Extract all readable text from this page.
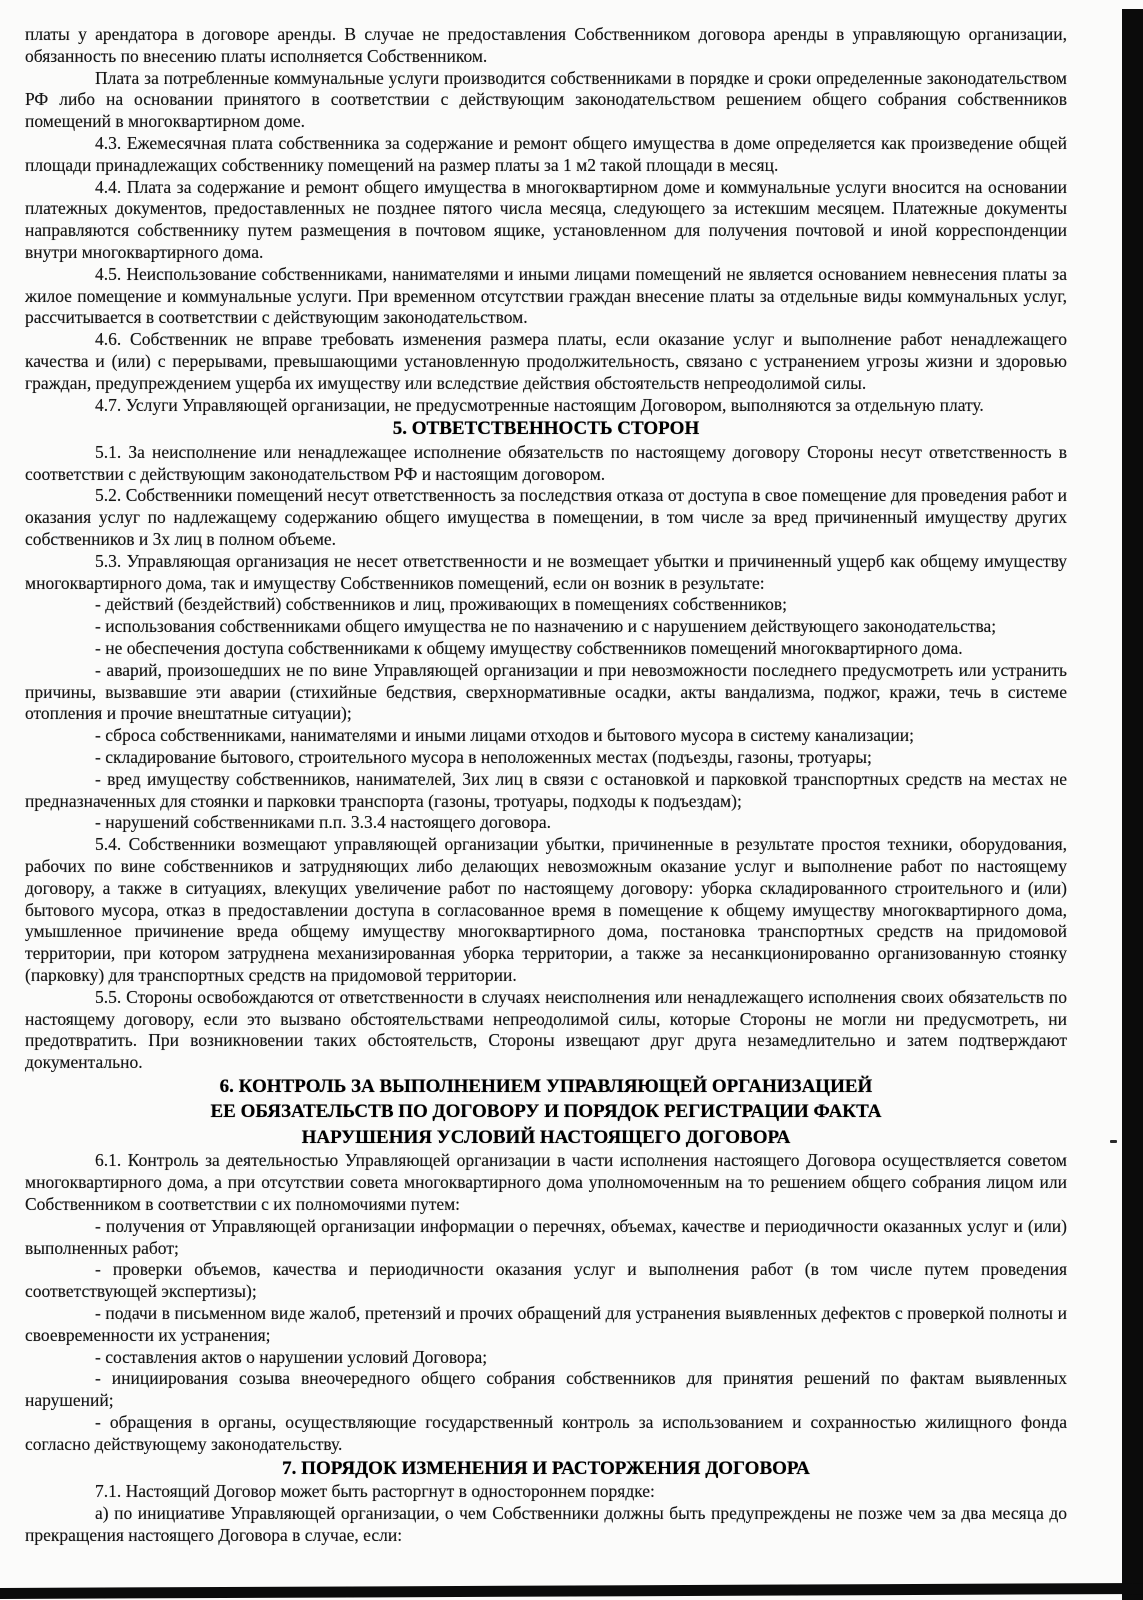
платы у арендатора в договоре аренды. В случае не предоставления Собственником договора аренды в управляющую организации, обязанность по внесению платы исполняется Собственником.

Плата за потребленные коммунальные услуги производится собственниками в порядке и сроки определенные законодательством РФ либо на основании принятого в соответствии с действующим законодательством решением общего собрания собственников помещений в многоквартирном доме.

4.3. Ежемесячная плата собственника за содержание и ремонт общего имущества в доме определяется как произведение общей площади принадлежащих собственнику помещений на размер платы за 1 м2 такой площади в месяц.

4.4. Плата за содержание и ремонт общего имущества в многоквартирном доме и коммунальные услуги вносится на основании платежных документов, предоставленных не позднее пятого числа месяца, следующего за истекшим месяцем. Платежные документы направляются собственнику путем размещения в почтовом ящике, установленном для получения почтовой и иной корреспонденции внутри многоквартирного дома.

4.5. Неиспользование собственниками, нанимателями и иными лицами помещений не является основанием невнесения платы за жилое помещение и коммунальные услуги. При временном отсутствии граждан внесение платы за отдельные виды коммунальных услуг, рассчитывается в соответствии с действующим законодательством.

4.6. Собственник не вправе требовать изменения размера платы, если оказание услуг и выполнение работ ненадлежащего качества и (или) с перерывами, превышающими установленную продолжительность, связано с устранением угрозы жизни и здоровью граждан, предупреждением ущерба их имуществу или вследствие действия обстоятельств непреодолимой силы.

4.7. Услуги Управляющей организации, не предусмотренные настоящим Договором, выполняются за отдельную плату.

5. ОТВЕТСТВЕННОСТЬ СТОРОН

5.1. За неисполнение или ненадлежащее исполнение обязательств по настоящему договору Стороны несут ответственность в соответствии с действующим законодательством РФ и настоящим договором.

5.2. Собственники помещений несут ответственность за последствия отказа от доступа в свое помещение для проведения работ и оказания услуг по надлежащему содержанию общего имущества в помещении, в том числе за вред причиненный имуществу других собственников и 3х лиц в полном объеме.

5.3. Управляющая организация не несет ответственности и не возмещает убытки и причиненный ущерб как общему имуществу многоквартирного дома, так и имуществу Собственников помещений, если он возник в результате:

- действий (бездействий) собственников и лиц, проживающих в помещениях собственников;

- использования собственниками общего имущества не по назначению и с нарушением действующего законодательства;

- не обеспечения доступа собственниками к общему имуществу собственников помещений многоквартирного дома.

- аварий, произошедших не по вине Управляющей организации и при невозможности последнего предусмотреть или устранить причины, вызвавшие эти аварии (стихийные бедствия, сверхнормативные осадки, акты вандализма, поджог, кражи, течь в системе отопления и прочие внештатные ситуации);

- сброса собственниками, нанимателями и иными лицами отходов и бытового мусора в систему канализации;

- складирование бытового, строительного мусора в неположенных местах (подъезды, газоны, тротуары;

- вред имуществу собственников, нанимателей, 3их лиц в связи с остановкой и парковкой транспортных средств на местах не предназначенных для стоянки и парковки транспорта (газоны, тротуары, подходы к подъездам);

- нарушений собственниками п.п. 3.3.4 настоящего договора.

5.4. Собственники возмещают управляющей организации убытки, причиненные в результате простоя техники, оборудования, рабочих по вине собственников и затрудняющих либо делающих невозможным оказание услуг и выполнение работ по настоящему договору, а также в ситуациях, влекущих увеличение работ по настоящему договору: уборка складированного строительного и (или) бытового мусора, отказ в предоставлении доступа в согласованное время в помещение к общему имуществу многоквартирного дома, умышленное причинение вреда общему имуществу многоквартирного дома, постановка транспортных средств на придомовой территории, при котором затруднена механизированная уборка территории, а также за несанкционированно организованную стоянку (парковку) для транспортных средств на придомовой территории.

5.5. Стороны освобождаются от ответственности в случаях неисполнения или ненадлежащего исполнения своих обязательств по настоящему договору, если это вызвано обстоятельствами непреодолимой силы, которые Стороны не могли ни предусмотреть, ни предотвратить. При возникновении таких обстоятельств, Стороны извещают друг друга незамедлительно и затем подтверждают документально.

6. КОНТРОЛЬ ЗА ВЫПОЛНЕНИЕМ УПРАВЛЯЮЩЕЙ ОРГАНИЗАЦИЕЙ
ЕЕ ОБЯЗАТЕЛЬСТВ ПО ДОГОВОРУ И ПОРЯДОК РЕГИСТРАЦИИ ФАКТА
НАРУШЕНИЯ УСЛОВИЙ НАСТОЯЩЕГО ДОГОВОРА

6.1. Контроль за деятельностью Управляющей организации в части исполнения настоящего Договора осуществляется советом многоквартирного дома, а при отсутствии совета многоквартирного дома уполномоченным на то решением общего собрания лицом или Собственником в соответствии с их полномочиями путем:

- получения от Управляющей организации информации о перечнях, объемах, качестве и периодичности оказанных услуг и (или) выполненных работ;

- проверки объемов, качества и периодичности оказания услуг и выполнения работ (в том числе путем проведения соответствующей экспертизы);

- подачи в письменном виде жалоб, претензий и прочих обращений для устранения выявленных дефектов с проверкой полноты и своевременности их устранения;

- составления актов о нарушении условий Договора;

- инициирования созыва внеочередного общего собрания собственников для принятия решений по фактам выявленных нарушений;

- обращения в органы, осуществляющие государственный контроль за использованием и сохранностью жилищного фонда согласно действующему законодательству.

7. ПОРЯДОК ИЗМЕНЕНИЯ И РАСТОРЖЕНИЯ ДОГОВОРА

7.1. Настоящий Договор может быть расторгнут в одностороннем порядке:

а) по инициативе Управляющей организации, о чем Собственники должны быть предупреждены не позже чем за два месяца до прекращения настоящего Договора в случае, если:
